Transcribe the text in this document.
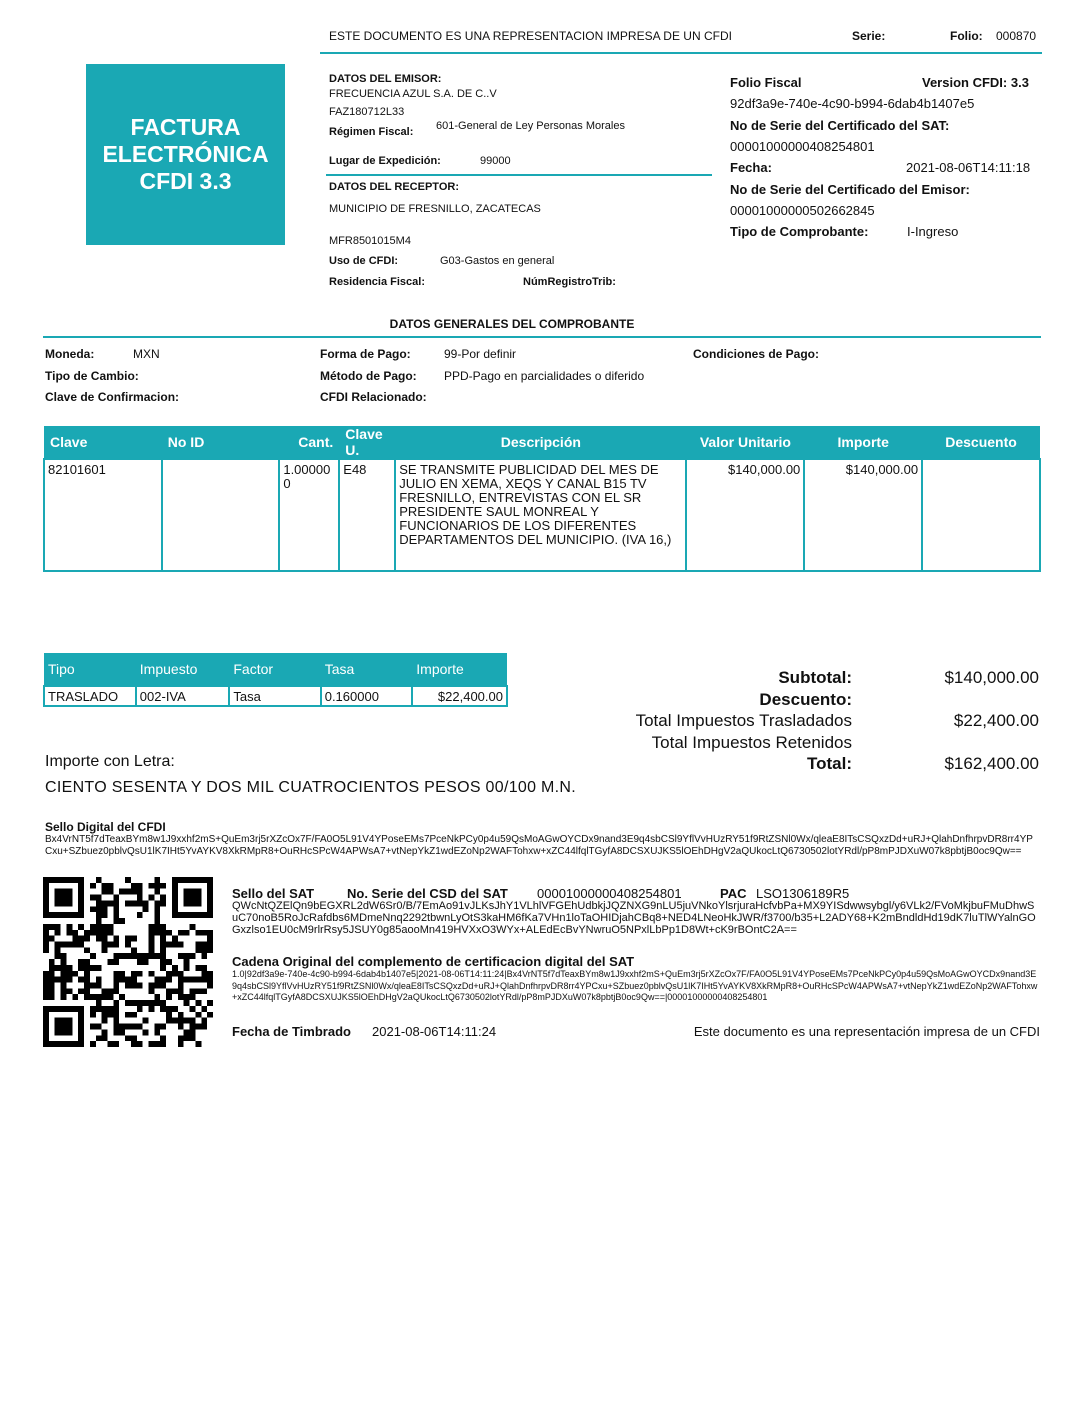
ESTE DOCUMENTO ES UNA REPRESENTACION IMPRESA DE UN CFDI	Serie:	Folio: 000870
FACTURA
ELECTRÓNICA
CFDI 3.3
DATOS DEL EMISOR:
FRECUENCIA AZUL S.A. DE C..V
FAZ180712L33
Régimen Fiscal: 601-General de Ley Personas Morales
Lugar de Expedición:	99000
DATOS DEL RECEPTOR:
MUNICIPIO DE FRESNILLO, ZACATECAS
MFR8501015M4
Uso de CFDI:	G03-Gastos en general
Residencia Fiscal:	NúmRegistroTrib:
Folio Fiscal	Version CFDI: 3.3
92df3a9e-740e-4c90-b994-6dab4b1407e5
No de Serie del Certificado del SAT:
00001000000408254801
Fecha:	2021-08-06T14:11:18
No de Serie del Certificado del Emisor:
00001000000502662845
Tipo de Comprobante:	I-Ingreso
DATOS GENERALES DEL COMPROBANTE
Moneda:	MXN
Tipo de Cambio:
Clave de Confirmacion:
Forma de Pago:	99-Por definir
Método de Pago: PPD-Pago en parcialidades o diferido
CFDI Relacionado:
Condiciones de Pago:
Clave	No ID	Cant.	Clave U.	Descripción	Valor Unitario	Importe	Descuento
82101601		1.000000	E48	SE TRANSMITE PUBLICIDAD DEL MES DE JULIO EN XEMA, XEQS Y CANAL B15 TV FRESNILLO, ENTREVISTAS CON EL SR PRESIDENTE SAUL MONREAL Y FUNCIONARIOS DE LOS DIFERENTES DEPARTAMENTOS DEL MUNICIPIO. (IVA 16,)	$140,000.00	$140,000.00	
Tipo	Impuesto	Factor	Tasa	Importe
TRASLADO	002-IVA	Tasa	0.160000	$22,400.00
Subtotal:	$140,000.00
Descuento:
Total Impuestos Trasladados	$22,400.00
Total Impuestos Retenidos
Total:	$162,400.00
Importe con Letra:
CIENTO SESENTA Y DOS MIL CUATROCIENTOS PESOS 00/100 M.N.
Sello Digital del CFDI
Bx4VrNT5f7dTeaxBYm8w1J9xxhf2mS+QuEm3rj5rXZcOx7F/FA0O5L91V4YPoseEMs7PceNkPCy0p4u59QsMoAGwOYCDx9nand3E9q4sbCSl9YflVvHUzRY51f9RtZSNl0Wx/qleaE8ITsCSQxzDd+uRJ+QlahDnfhrpvDR8rr4YPCxu+SZbuez0pblvQsU1lK7IHt5YvAYKV8XkRMpR8+OuRHcSPcW4APWsA7+vtNepYkZ1wdEZoNp2WAFTohxw+xZC44lfqlTGyfA8DCSXUJKS5lOEhDHgV2aQUkocLtQ6730502lotYRdl/pP8mPJDXuW07k8pbtjB0oc9Qw==
Sello del SAT	No. Serie del CSD del SAT 00001000000408254801	PAC LSO1306189R5
QWcNtQZElQn9bEGXRL2dW6Sr0/B/7EmAo91vJLKsJhY1VLhlVFGEhUdbkjJQZNXG9nLU5juVNkoYlsrjuraHcfvbPa+MX9YISdwwsybgl/y6VLk2/FVoMkjbuFMuDhwSuC70noB5RoJcRafdbs6MDmeNnq2292tbwnLyOtS3kaHM6fKa7VHn1loTaOHIDjahCBq8+NED4LNeoHkJWR/f3700/b35+L2ADY68+K2mBndldHd19dK7luTlWYalnGOGxzlso1EU0cM9rlrRsy5JSUY0g85aooMn419HVXxO3WYx+ALEdEcBvYNwruO5NPxlLbPp1D8Wt+cK9rBOntC2A==
Cadena Original del complemento de certificacion digital del SAT
1.0|92df3a9e-740e-4c90-b994-6dab4b1407e5|2021-08-06T14:11:24|Bx4VrNT5f7dTeaxBYm8w1J9xxhf2mS+QuEm3rj5rXZcOx7F/FA0O5L91V4YPoseEMs7PceNkPCy0p4u59QsMoAGwOYCDx9nand3E9q4sbCSl9YflVvHUzRY51f9RtZSNl0Wx/qleaE8ITsCSQxzDd+uRJ+QlahDnfhrpvDR8rr4YPCxu+SZbuez0pblvQsU1lK7IHt5YvAYKV8XkRMpR8+OuRHcSPcW4APWsA7+vtNepYkZ1wdEZoNp2WAFTohxw+xZC44lfqlTGyfA8DCSXUJKS5lOEhDHgV2aQUkocLtQ6730502lotYRdl/pP8mPJDXuW07k8pbtjB0oc9Qw==|00001000000408254801
Fecha de Timbrado 2021-08-06T14:11:24	Este documento es una representación impresa de un CFDI
